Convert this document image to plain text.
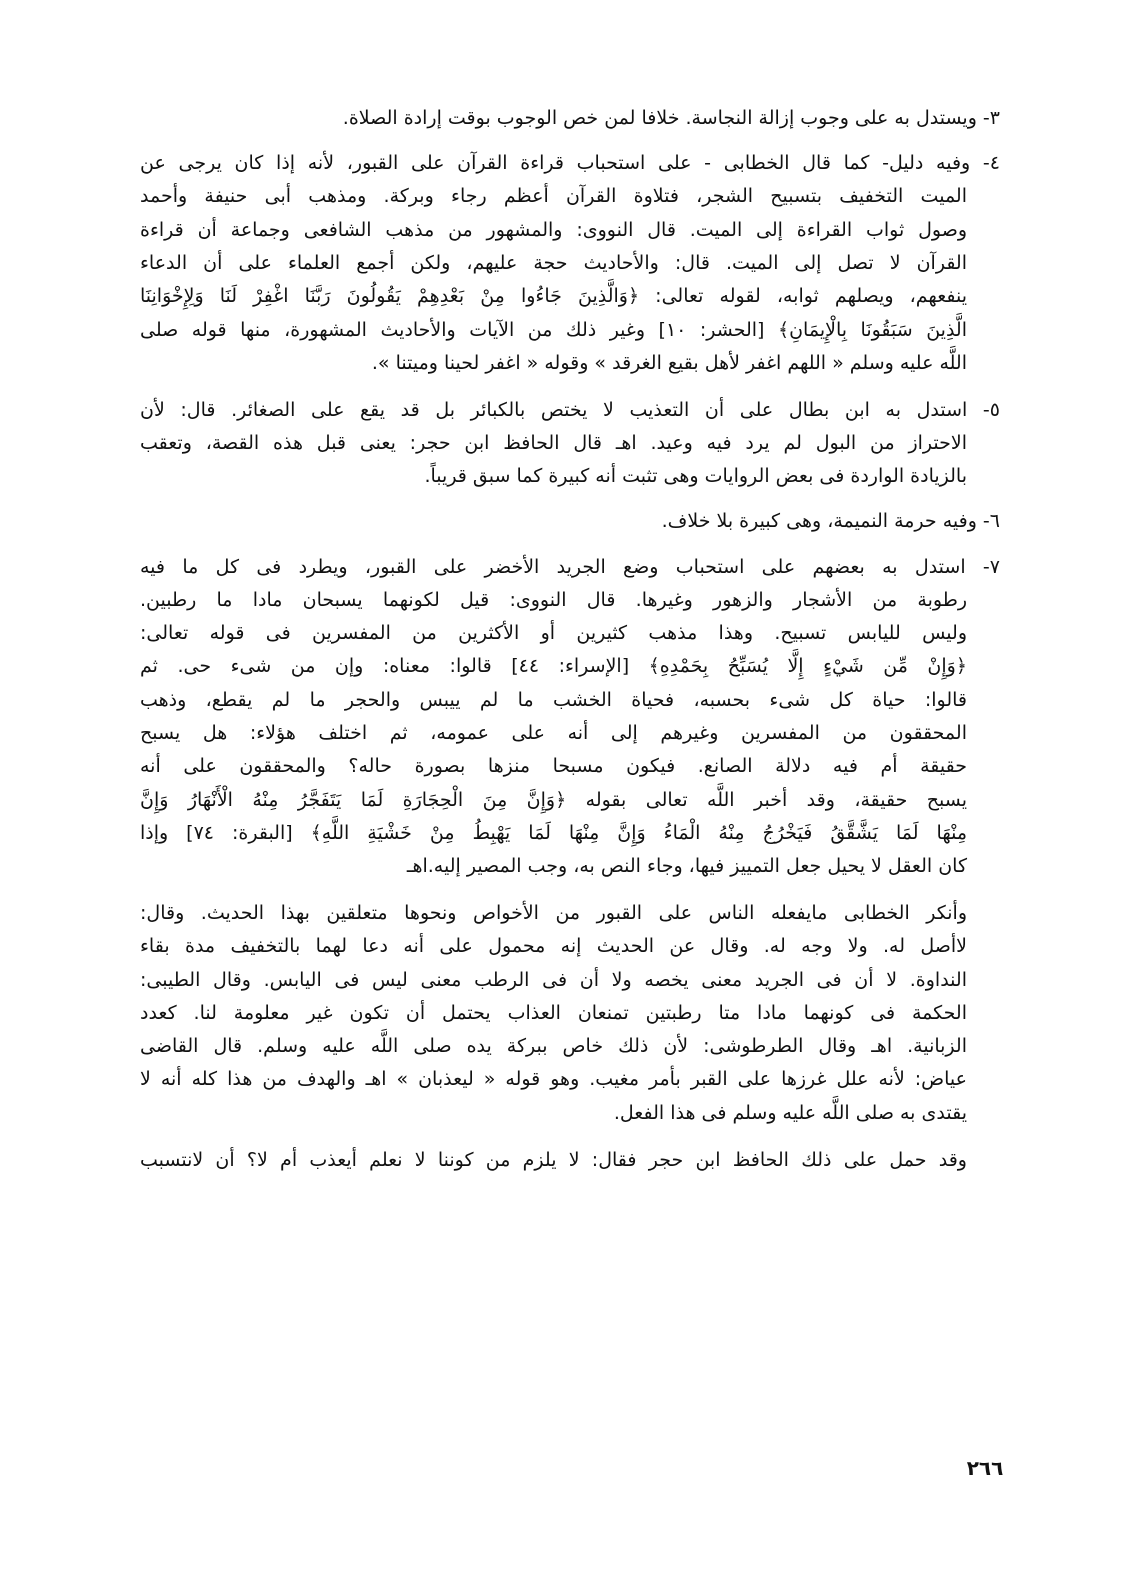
٣- ويستدل به على وجوب إزالة النجاسة. خلافا لمن خص الوجوب بوقت إرادة الصلاة.
٤- وفيه دليل- كما قال الخطابى - على استحباب قراءة القرآن على القبور، لأنه إذا كان يرجى عن
الميت التخفيف بتسبيح الشجر، فتلاوة القرآن أعظم رجاء وبركة. ومذهب أبى حنيفة وأحمد
وصول ثواب القراءة إلى الميت. قال النووى: والمشهور من مذهب الشافعى وجماعة أن قراءة
القرآن لا تصل إلى الميت. قال: والأحاديث حجة عليهم، ولكن أجمع العلماء على أن الدعاء
ينفعهم، ويصلهم ثوابه، لقوله تعالى: ﴿وَالَّذِينَ جَاءُوا مِنْ بَعْدِهِمْ يَقُولُونَ رَبَّنَا اغْفِرْ لَنَا وَلِإِخْوَانِنَا
الَّذِينَ سَبَقُونَا بِالْإِيمَانِ﴾ [الحشر: ١٠] وغير ذلك من الآيات والأحاديث المشهورة، منها قوله صلى
اللَّه عليه وسلم « اللهم اغفر لأهل بقيع الغرقد » وقوله « اغفر لحينا وميتنا ».
٥- استدل به ابن بطال على أن التعذيب لا يختص بالكبائر بل قد يقع على الصغائر. قال: لأن
الاحتراز من البول لم يرد فيه وعيد. اهـ قال الحافظ ابن حجر: يعنى قبل هذه القصة، وتعقب
بالزيادة الواردة فى بعض الروايات وهى تثبت أنه كبيرة كما سبق قريباً.
٦- وفيه حرمة النميمة، وهى كبيرة بلا خلاف.
٧- استدل به بعضهم على استحباب وضع الجريد الأخضر على القبور، ويطرد فى كل ما فيه
رطوبة من الأشجار والزهور وغيرها. قال النووى: قيل لكونهما يسبحان مادا ما رطبين.
وليس لليابس تسبيح. وهذا مذهب كثيرين أو الأكثرين من المفسرين فى قوله تعالى:
﴿وَإِنْ مِّن شَيْءٍ إِلَّا يُسَبِّحُ بِحَمْدِهِ﴾ [الإسراء: ٤٤] قالوا: معناه: وإن من شىء حى. ثم
قالوا: حياة كل شىء بحسبه، فحياة الخشب ما لم ييبس والحجر ما لم يقطع، وذهب
المحققون من المفسرين وغيرهم إلى أنه على عمومه، ثم اختلف هؤلاء: هل يسبح
حقيقة أم فيه دلالة الصانع. فيكون مسبحا منزها بصورة حاله؟ والمحققون على أنه
يسبح حقيقة، وقد أخبر اللَّه تعالى بقوله ﴿وَإِنَّ مِنَ الْحِجَارَةِ لَمَا يَتَفَجَّرُ مِنْهُ الْأَنْهَارُ وَإِنَّ
مِنْهَا لَمَا يَشَّقَّقُ فَيَخْرُجُ مِنْهُ الْمَاءُ وَإِنَّ مِنْهَا لَمَا يَهْبِطُ مِنْ خَشْيَةِ اللَّهِ﴾ [البقرة: ٧٤] وإذا
كان العقل لا يحيل جعل التمييز فيها، وجاء النص به، وجب المصير إليه.اهـ
وأنكر الخطابى مايفعله الناس على القبور من الأخواص ونحوها متعلقين بهذا الحديث. وقال:
لاأصل له. ولا وجه له. وقال عن الحديث إنه محمول على أنه دعا لهما بالتخفيف مدة بقاء
النداوة. لا أن فى الجريد معنى يخصه ولا أن فى الرطب معنى ليس فى اليابس. وقال الطيبى:
الحكمة فى كونهما مادا متا رطبتين تمنعان العذاب يحتمل أن تكون غير معلومة لنا. كعدد
الزبانية. اهـ وقال الطرطوشى: لأن ذلك خاص ببركة يده صلى اللَّه عليه وسلم. قال القاضى
عياض: لأنه علل غرزها على القبر بأمر مغيب. وهو قوله « ليعذبان » اهـ والهدف من هذا كله أنه لا
يقتدى به صلى اللَّه عليه وسلم فى هذا الفعل.
وقد حمل على ذلك الحافظ ابن حجر فقال: لا يلزم من كوننا لا نعلم أيعذب أم لا؟ أن لانتسبب
٢٦٦
